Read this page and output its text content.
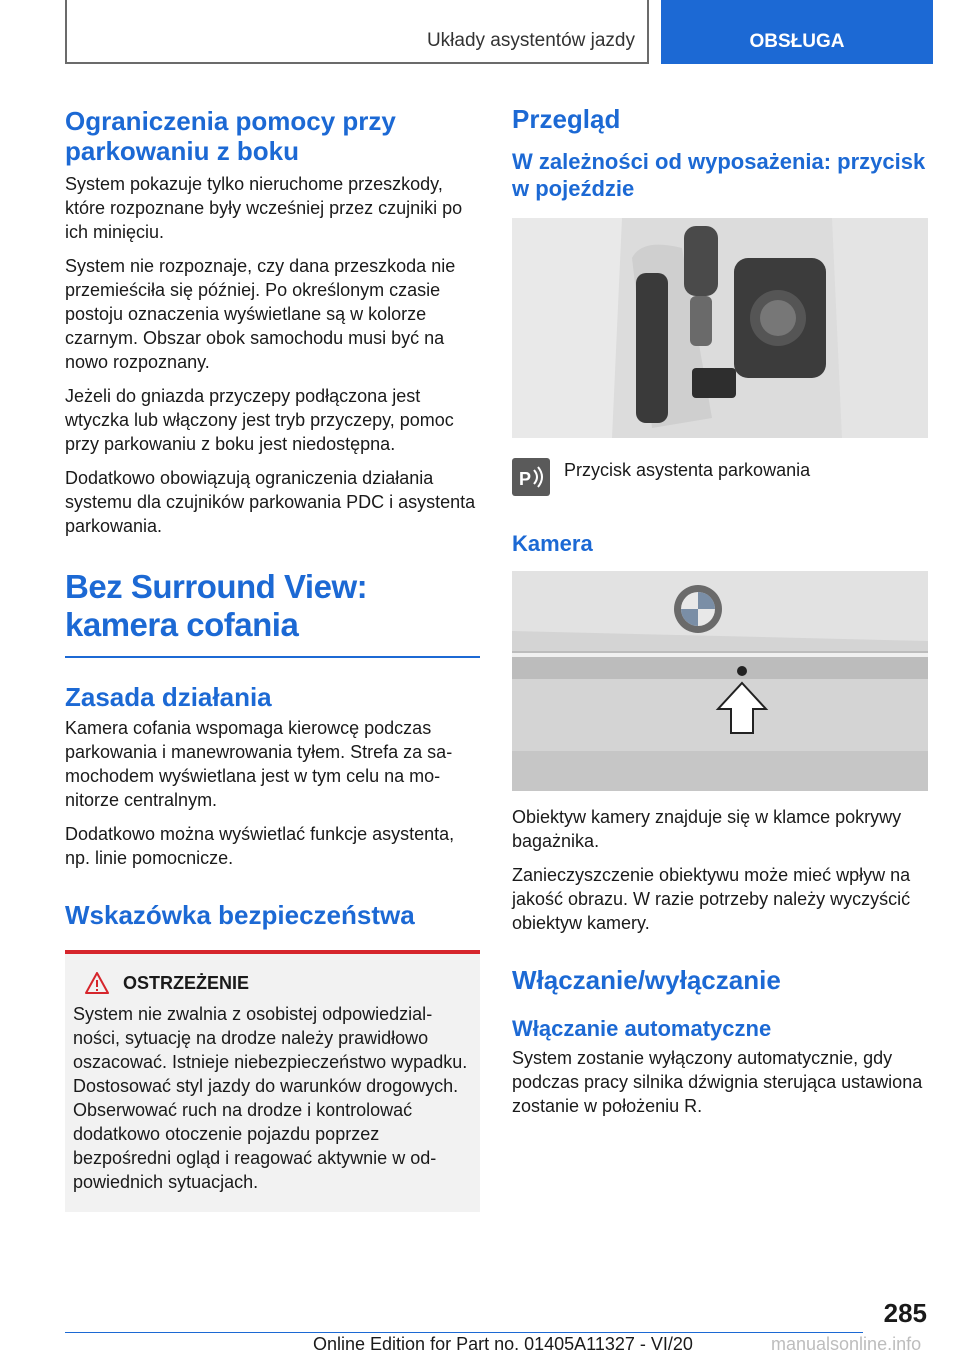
Układy asystentów jazdy	OBSŁUGA
Ograniczenia pomocy przy parkowaniu z boku

System pokazuje tylko nieruchome przeszkody, które rozpoznane były wcześniej przez czujniki po ich minięciu.

System nie rozpoznaje, czy dana przeszkoda nie przemieściła się później. Po określonym czasie postoju oznaczenia wyświetlane są w kolorze czarnym. Obszar obok samochodu musi być na nowo rozpoznany.

Jeżeli do gniazda przyczepy podłączona jest wtyczka lub włączony jest tryb przyczepy, pomoc przy parkowaniu z boku jest niedostępna.

Dodatkowo obowiązują ograniczenia działania systemu dla czujników parkowania PDC i asystenta parkowania.

Bez Surround View: kamera cofania
Zasada działania

Kamera cofania wspomaga kierowcę podczas parkowania i manewrowania tyłem. Strefa za samochodem wyświetlana jest w tym celu na monitorze centralnym.

Dodatkowo można wyświetlać funkcje asystenta, np. linie pomocnicze.

Wskazówka bezpieczeństwa
OSTRZEŻENIE

System nie zwalnia z osobistej odpowiedzialności, sytuację na drodze należy prawidłowo oszacować. Istnieje niebezpieczeństwo wypadku. Dostosować styl jazdy do warunków drogowych. Obserwować ruch na drodze i kontrolować dodatkowo otoczenie pojazdu poprzez bezpośredni ogląd i reagować aktywnie w odpowiednich sytuacjach.

Przegląd
W zależności od wyposażenia: przycisk w pojeździe
P Przycisk asystenta parkowania

Kamera

Obiektyw kamery znajduje się w klamce pokrywy bagażnika.

Zanieczyszczenie obiektywu może mieć wpływ na jakość obrazu. W razie potrzeby należy wyczyścić obiektyw kamery.

Włączanie/wyłączanie
Włączanie automatyczne

System zostanie wyłączony automatycznie, gdy podczas pracy silnika dźwignia sterująca ustawiona zostanie w położeniu R.

285
Online Edition for Part no. 01405A11327 - VI/20	manualsonline.info
